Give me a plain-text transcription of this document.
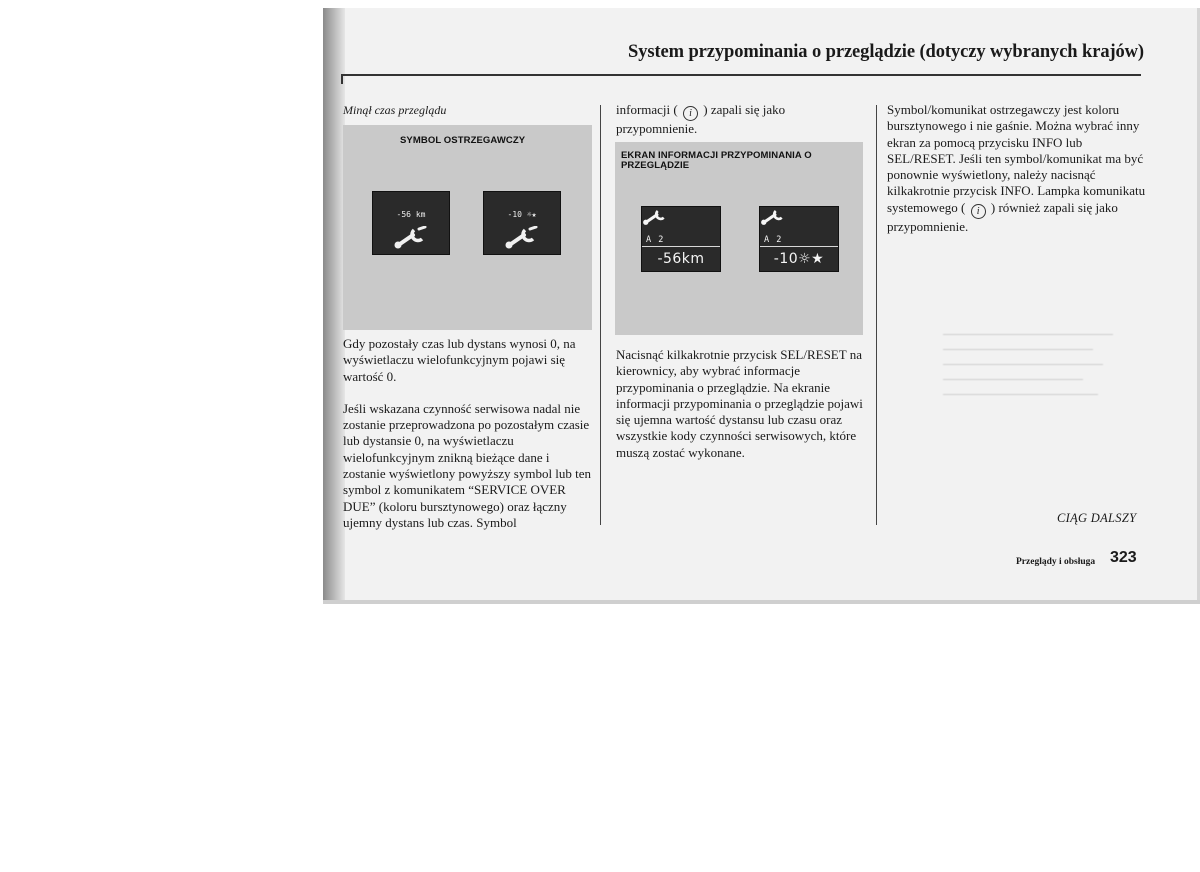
System przypominania o przeglądzie (dotyczy wybranych krajów)
Minął czas przeglądu
SYMBOL OSTRZEGAWCZY
-56 km	-10 ☼★

Gdy pozostały czas lub dystans wynosi 0, na wyświetlaczu wielofunkcyjnym pojawi się wartość 0.

Jeśli wskazana czynność serwisowa nadal nie zostanie przeprowadzona po pozostałym czasie lub dystansie 0, na wyświetlaczu wielofunkcyjnym znikną bieżące dane i zostanie wyświetlony powyższy symbol lub ten symbol z komunikatem “SERVICE OVER DUE” (koloru bursztynowego) oraz łączny ujemny dystans lub czas. Symbol

informacji ( i ) zapali się jako przypomnienie.
EKRAN INFORMACJI PRZYPOMINANIA O PRZEGLĄDZIE
A 2
-56km
A 2
-10☼★

Nacisnąć kilkakrotnie przycisk SEL/RESET na kierownicy, aby wybrać informacje przypominania o przeglądzie. Na ekranie informacji przypominania o przeglądzie pojawi się ujemna wartość dystansu lub czasu oraz wszystkie kody czynności serwisowych, które muszą zostać wykonane.

Symbol/komunikat ostrzegawczy jest koloru bursztynowego i nie gaśnie. Można wybrać inny ekran za pomocą przycisku INFO lub SEL/RESET. Jeśli ten symbol/komunikat ma być ponownie wyświetlony, należy nacisnąć kilkakrotnie przycisk INFO. Lampka komunikatu systemowego ( i ) również zapali się jako przypomnienie.
CIĄG DALSZY
Przeglądy i obsługa 323
